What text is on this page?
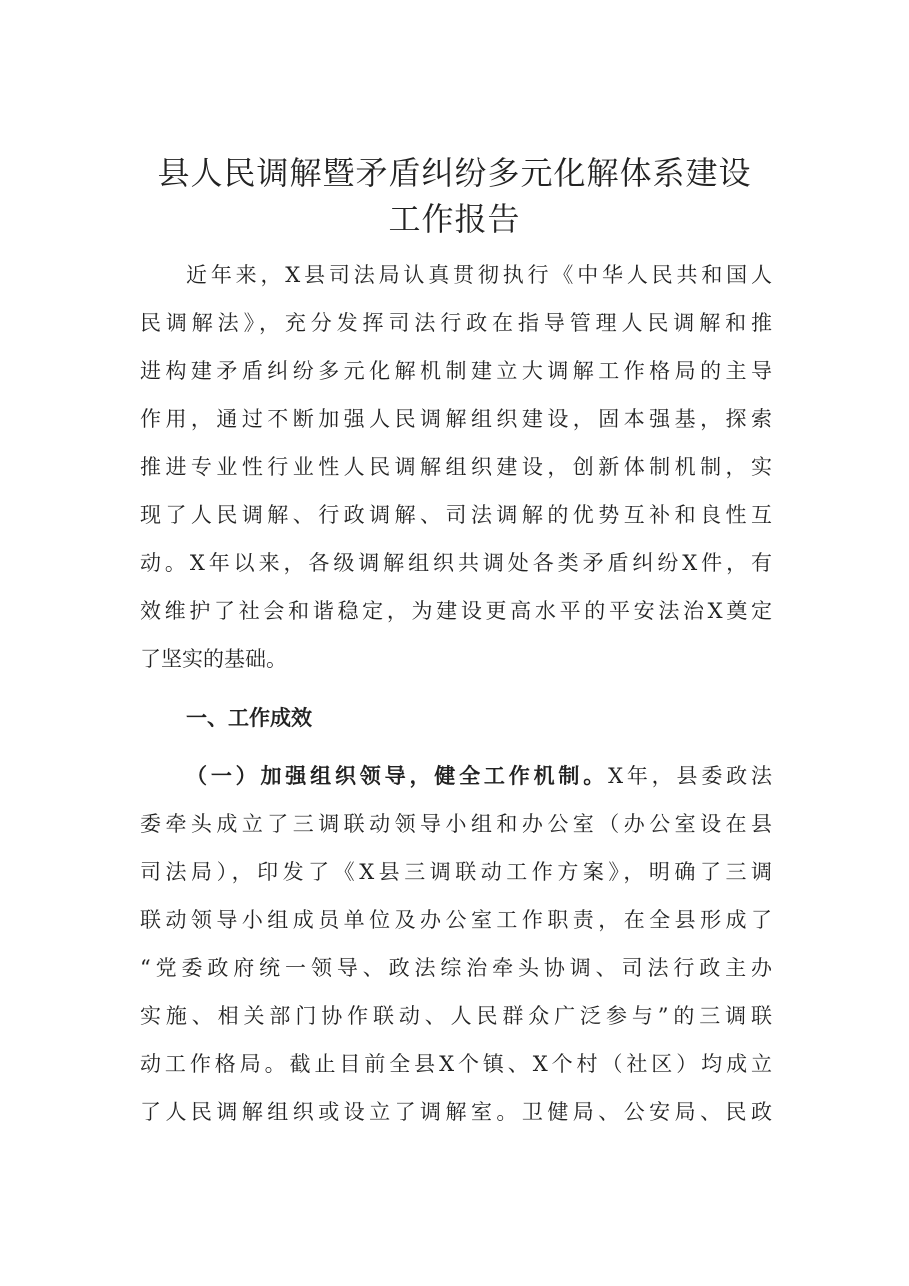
县人民调解暨矛盾纠纷多元化解体系建设
工作报告
近年来，X县司法局认真贯彻执行《中华人民共和国人
民调解法》，充分发挥司法行政在指导管理人民调解和推
进构建矛盾纠纷多元化解机制建立大调解工作格局的主导
作用，通过不断加强人民调解组织建设，固本强基，探索
推进专业性行业性人民调解组织建设，创新体制机制，实
现了人民调解、行政调解、司法调解的优势互补和良性互
动。X年以来，各级调解组织共调处各类矛盾纠纷X件，有
效维护了社会和谐稳定，为建设更高水平的平安法治X奠定
了坚实的基础。
一、工作成效
（一）加强组织领导，健全工作机制。X年，县委政法
委牵头成立了三调联动领导小组和办公室（办公室设在县
司法局），印发了《X县三调联动工作方案》，明确了三调
联动领导小组成员单位及办公室工作职责，在全县形成了
“党委政府统一领导、政法综治牵头协调、司法行政主办
实施、相关部门协作联动、人民群众广泛参与”的三调联
动工作格局。截止目前全县X个镇、X个村（社区）均成立
了人民调解组织或设立了调解室。卫健局、公安局、民政
